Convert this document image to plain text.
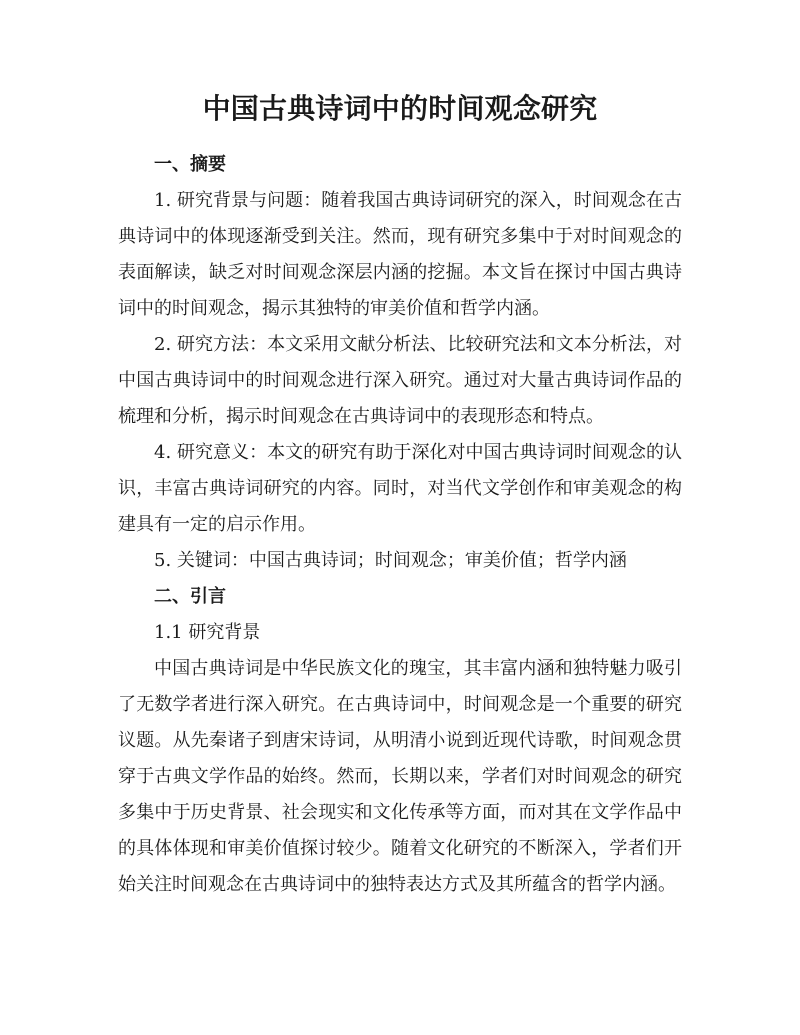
中国古典诗词中的时间观念研究
一、摘要

1. 研究背景与问题：随着我国古典诗词研究的深入，时间观念在古典诗词中的体现逐渐受到关注。然而，现有研究多集中于对时间观念的表面解读，缺乏对时间观念深层内涵的挖掘。本文旨在探讨中国古典诗词中的时间观念，揭示其独特的审美价值和哲学内涵。

2. 研究方法：本文采用文献分析法、比较研究法和文本分析法，对中国古典诗词中的时间观念进行深入研究。通过对大量古典诗词作品的梳理和分析，揭示时间观念在古典诗词中的表现形态和特点。

4. 研究意义：本文的研究有助于深化对中国古典诗词时间观念的认识，丰富古典诗词研究的内容。同时，对当代文学创作和审美观念的构建具有一定的启示作用。

5. 关键词：中国古典诗词；时间观念；审美价值；哲学内涵

二、引言

1.1 研究背景

中国古典诗词是中华民族文化的瑰宝，其丰富内涵和独特魅力吸引了无数学者进行深入研究。在古典诗词中，时间观念是一个重要的研究议题。从先秦诸子到唐宋诗词，从明清小说到近现代诗歌，时间观念贯穿于古典文学作品的始终。然而，长期以来，学者们对时间观念的研究多集中于历史背景、社会现实和文化传承等方面，而对其在文学作品中的具体体现和审美价值探讨较少。随着文化研究的不断深入，学者们开始关注时间观念在古典诗词中的独特表达方式及其所蕴含的哲学内涵。
